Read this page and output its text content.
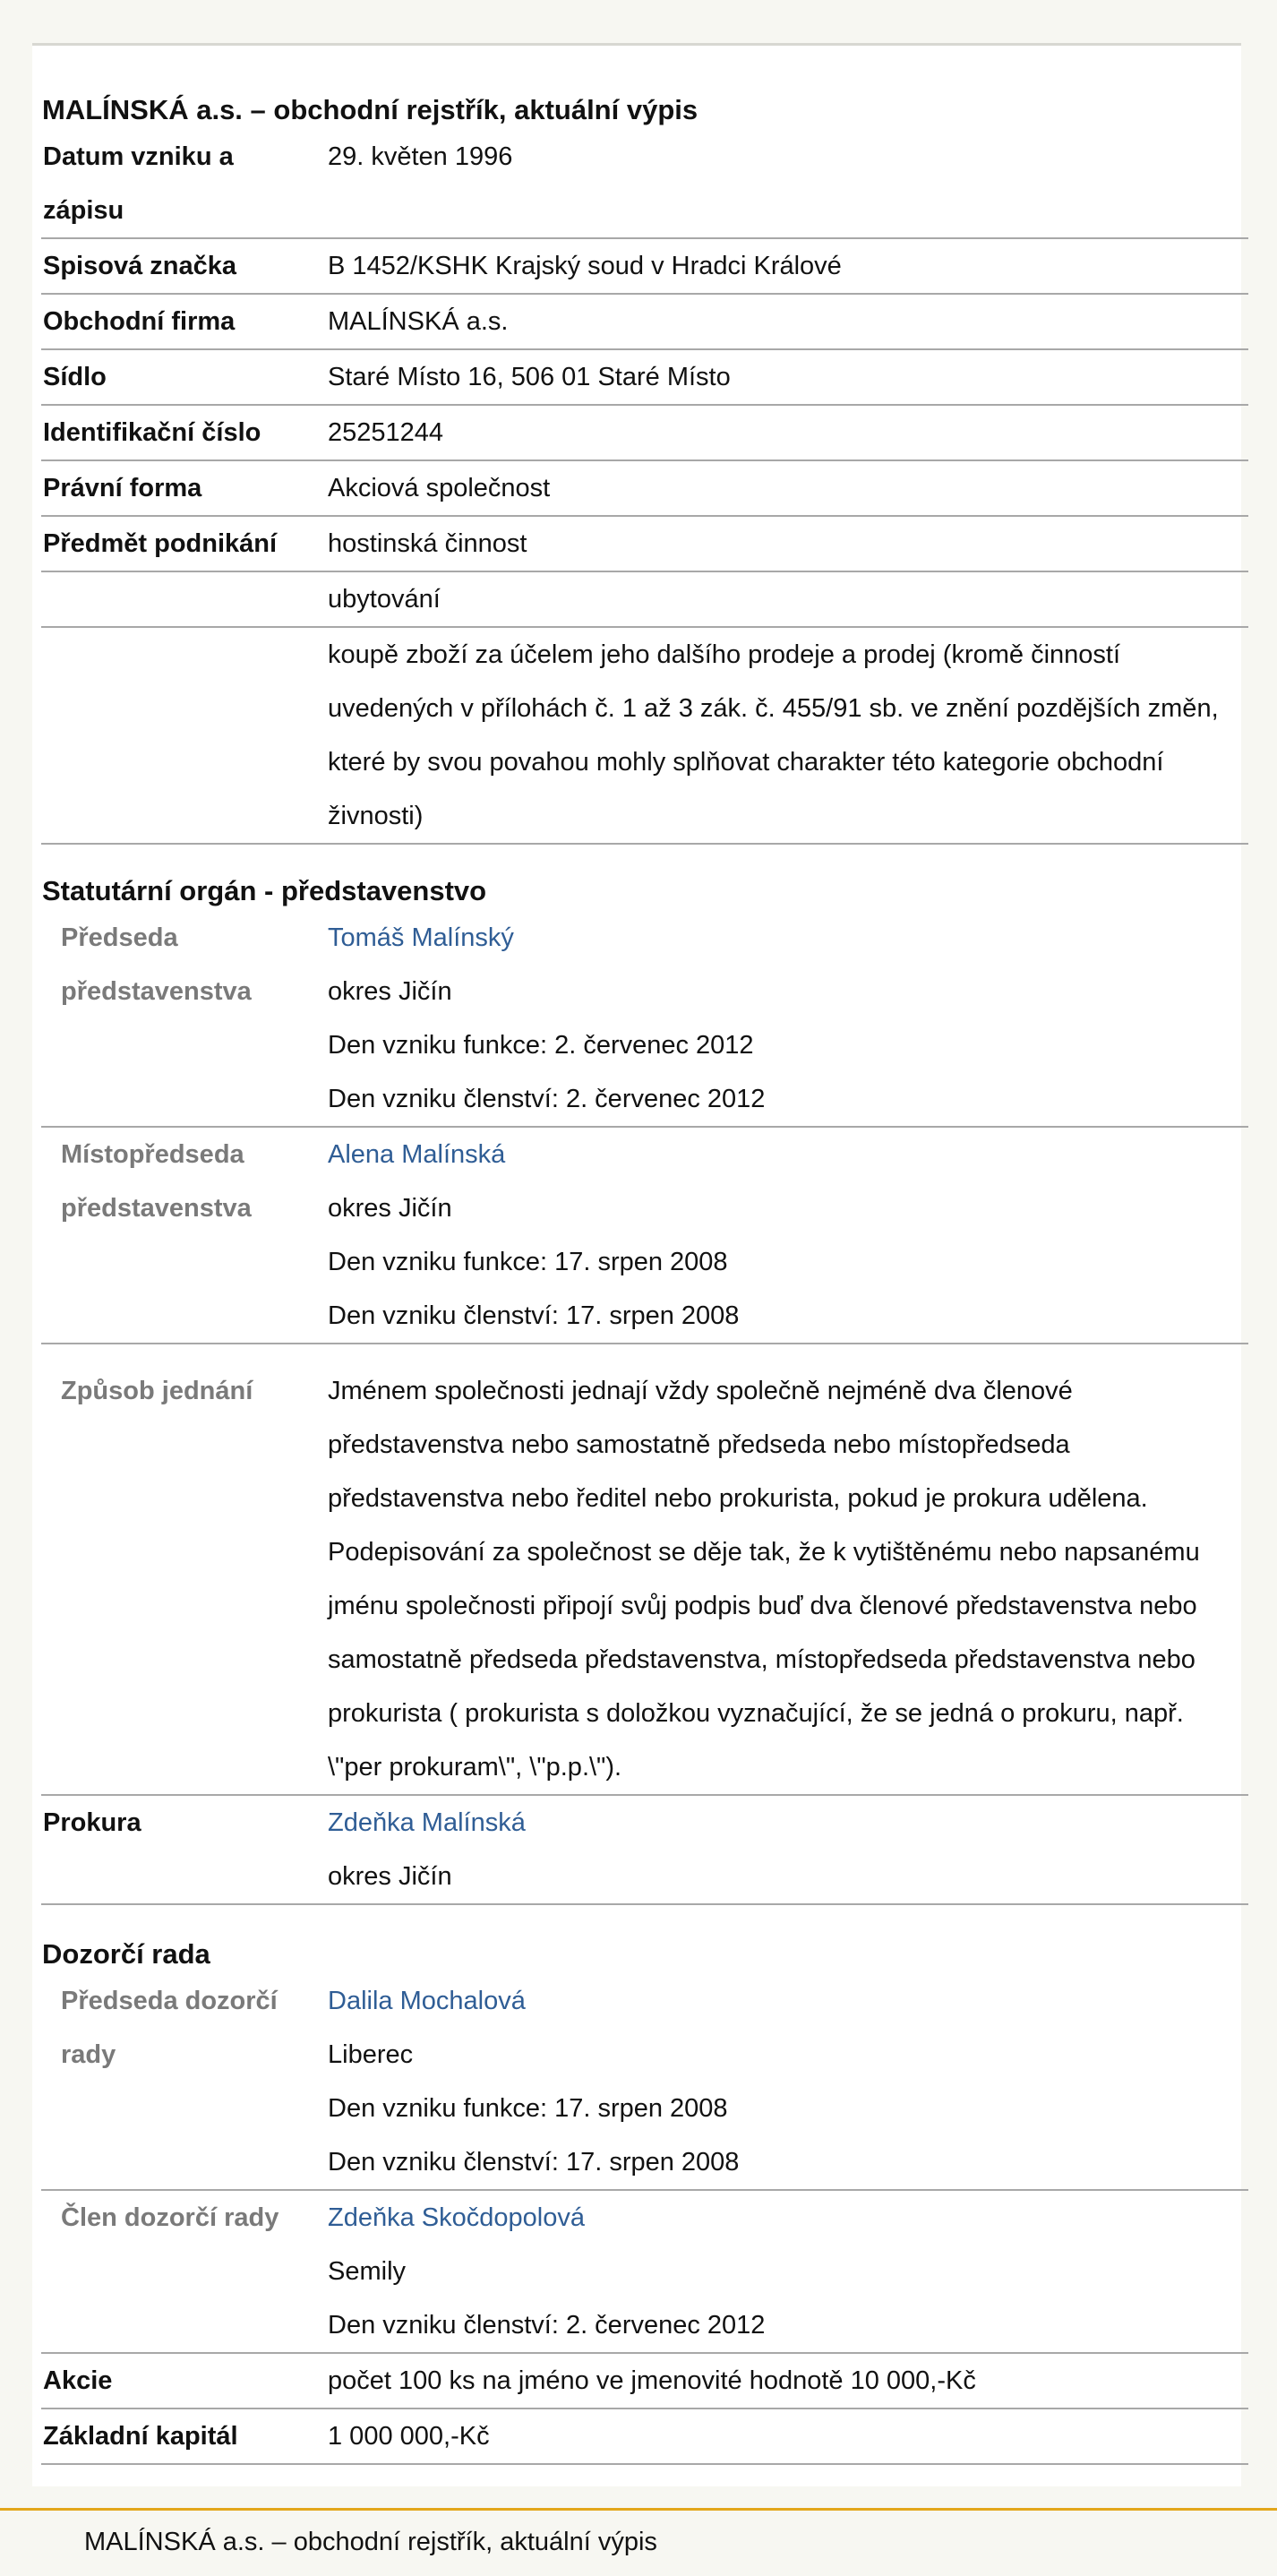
MALÍNSKÁ a.s. – obchodní rejstřík, aktuální výpis
Datum vzniku a zápisu	29. květen 1996
Spisová značka	B 1452/KSHK Krajský soud v Hradci Králové
Obchodní firma	MALÍNSKÁ a.s.
Sídlo	Staré Místo 16, 506 01 Staré Místo
Identifikační číslo	25251244
Právní forma	Akciová společnost
Předmět podnikání	hostinská činnost
	ubytování
	koupě zboží za účelem jeho dalšího prodeje a prodej (kromě činností uvedených v přílohách č. 1 až 3 zák. č. 455/91 sb. ve znění pozdějších změn, které by svou povahou mohly splňovat charakter této kategorie obchodní živnosti)
Statutární orgán - představenstvo
Předseda představenstva	Tomáš Malínský
okres Jičín
Den vzniku funkce: 2. červenec 2012
Den vzniku členství: 2. červenec 2012

Místopředseda představenstva	Alena Malínská
okres Jičín
Den vzniku funkce: 17. srpen 2008
Den vzniku členství: 17. srpen 2008

Způsob jednání	Jménem společnosti jednají vždy společně nejméně dva členové představenstva nebo samostatně předseda nebo místopředseda představenstva nebo ředitel nebo prokurista, pokud je prokura udělena. Podepisování za společnost se děje tak, že k vytištěnému nebo napsanému jménu společnosti připojí svůj podpis buď dva členové představenstva nebo samostatně předseda představenstva, místopředseda představenstva nebo prokurista ( prokurista s doložkou vyznačující, že se jedná o prokuru, např. \"per prokuram\", \"p.p.\").
Prokura	Zdeňka Malínská
okres Jičín
Dozorčí rada
Předseda dozorčí rady	Dalila Mochalová
Liberec
Den vzniku funkce: 17. srpen 2008
Den vzniku členství: 17. srpen 2008

Člen dozorčí rady	Zdeňka Skočdopolová
Semily
Den vzniku členství: 2. červenec 2012

Akcie	počet 100 ks na jméno ve jmenovité hodnotě 10 000,-Kč
Základní kapitál	1 000 000,-Kč
MALÍNSKÁ a.s. – obchodní rejstřík, aktuální výpis
